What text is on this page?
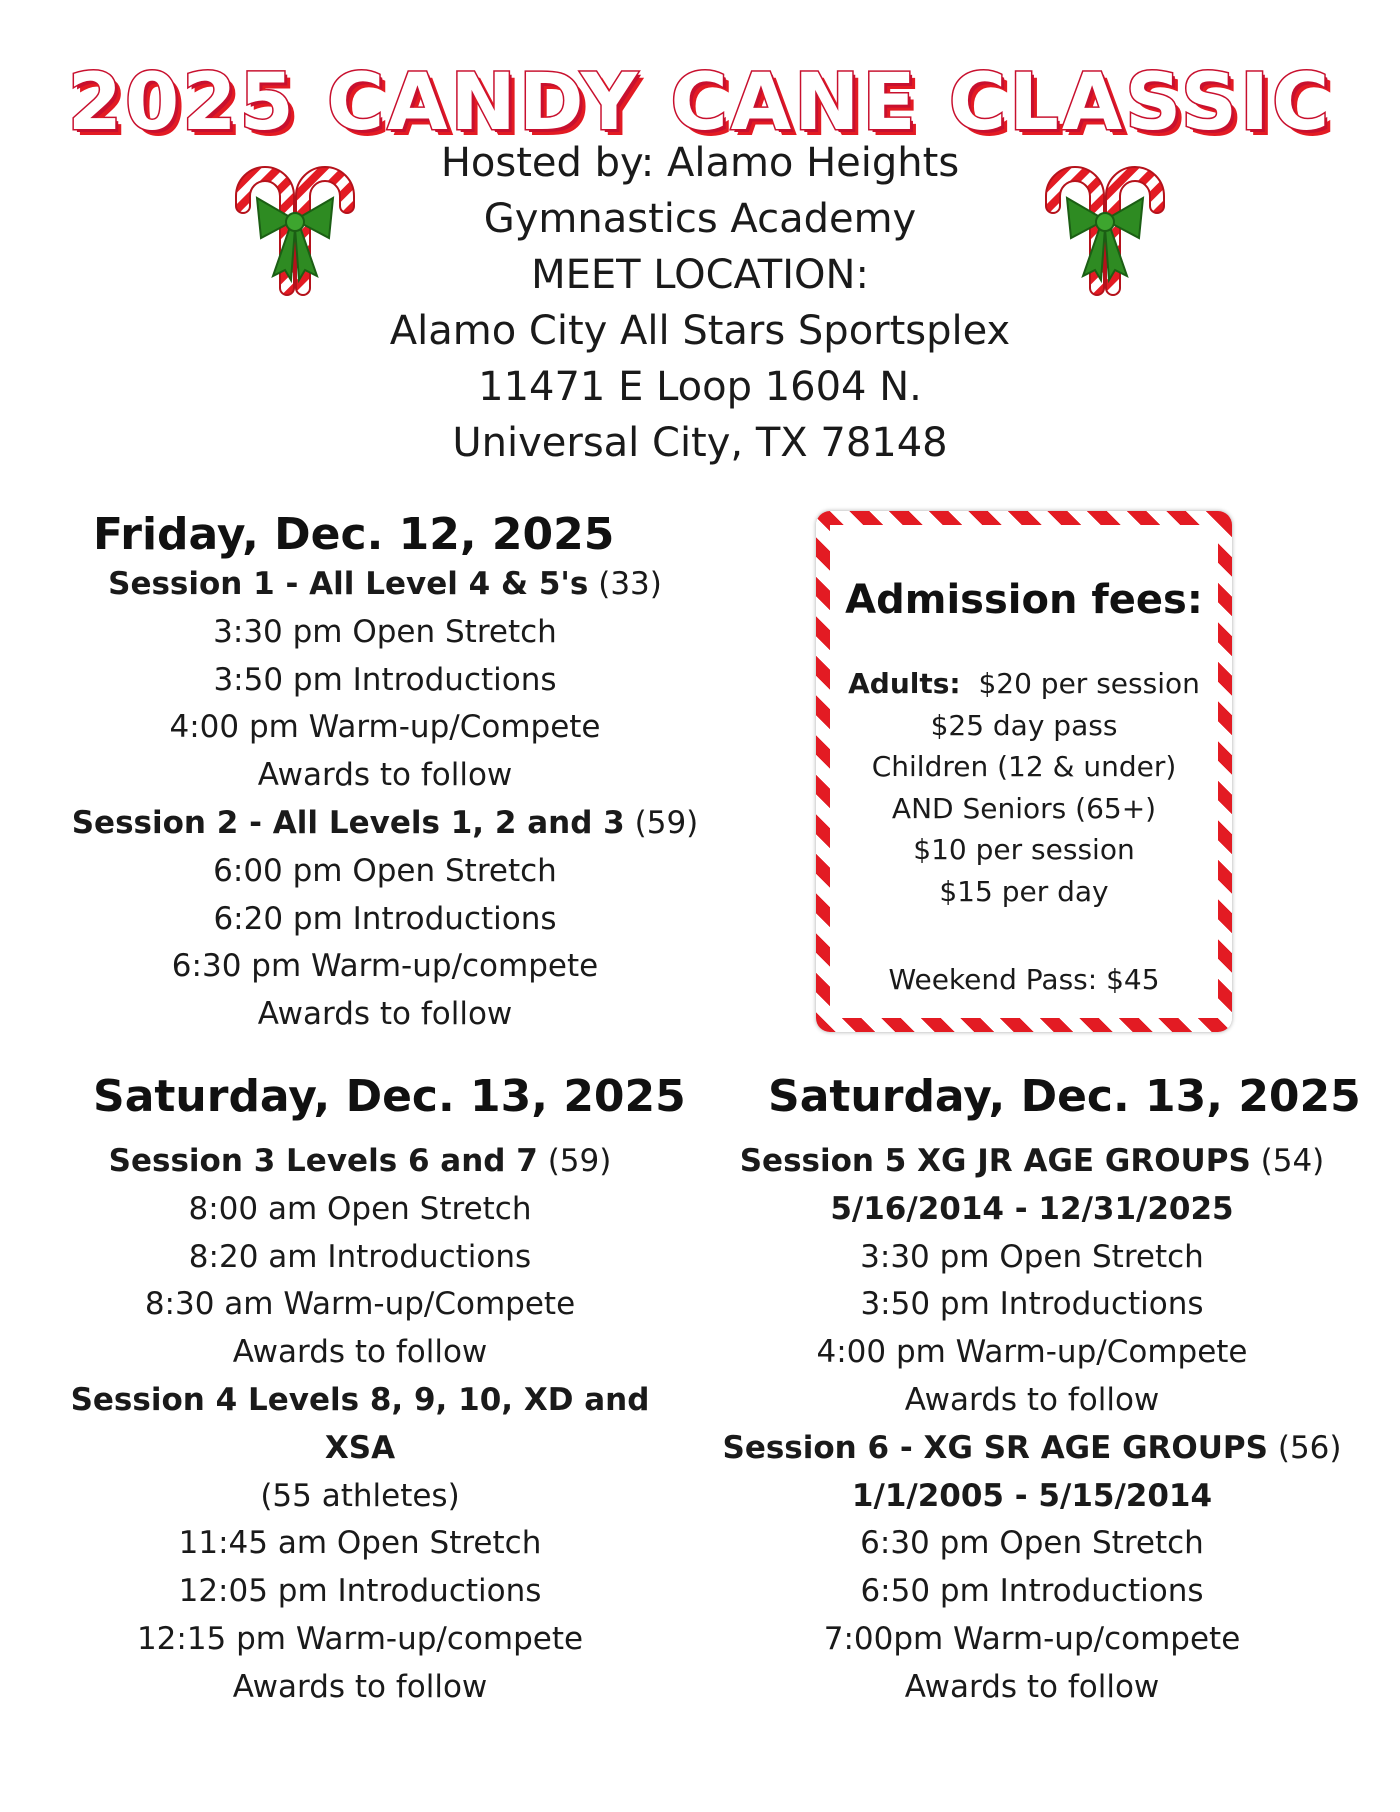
2025 CANDY CANE CLASSIC
Hosted by: Alamo Heights
Gymnastics Academy
MEET LOCATION:
Alamo City All Stars Sportsplex
11471 E Loop 1604 N.
Universal City, TX 78148
Friday, Dec. 12, 2025
Session 1 - All Level 4 & 5's (33)
3:30 pm Open Stretch
3:50 pm Introductions
4:00 pm Warm-up/Compete
Awards to follow
Session 2 - All Levels 1, 2 and 3 (59)
6:00 pm Open Stretch
6:20 pm Introductions
6:30 pm Warm-up/compete
Awards to follow
Admission fees:
Adults: $20 per session
$25 day pass
Children (12 & under)
AND Seniors (65+)
$10 per session
$15 per day
Weekend Pass: $45
Saturday, Dec. 13, 2025
Session 3 Levels 6 and 7 (59)
8:00 am Open Stretch
8:20 am Introductions
8:30 am Warm-up/Compete
Awards to follow
Session 4 Levels 8, 9, 10, XD and
XSA
(55 athletes)
11:45 am Open Stretch
12:05 pm Introductions
12:15 pm Warm-up/compete
Awards to follow
Saturday, Dec. 13, 2025
Session 5 XG JR AGE GROUPS (54)
5/16/2014 - 12/31/2025
3:30 pm Open Stretch
3:50 pm Introductions
4:00 pm Warm-up/Compete
Awards to follow
Session 6 - XG SR AGE GROUPS (56)
1/1/2005 - 5/15/2014
6:30 pm Open Stretch
6:50 pm Introductions
7:00pm Warm-up/compete
Awards to follow
